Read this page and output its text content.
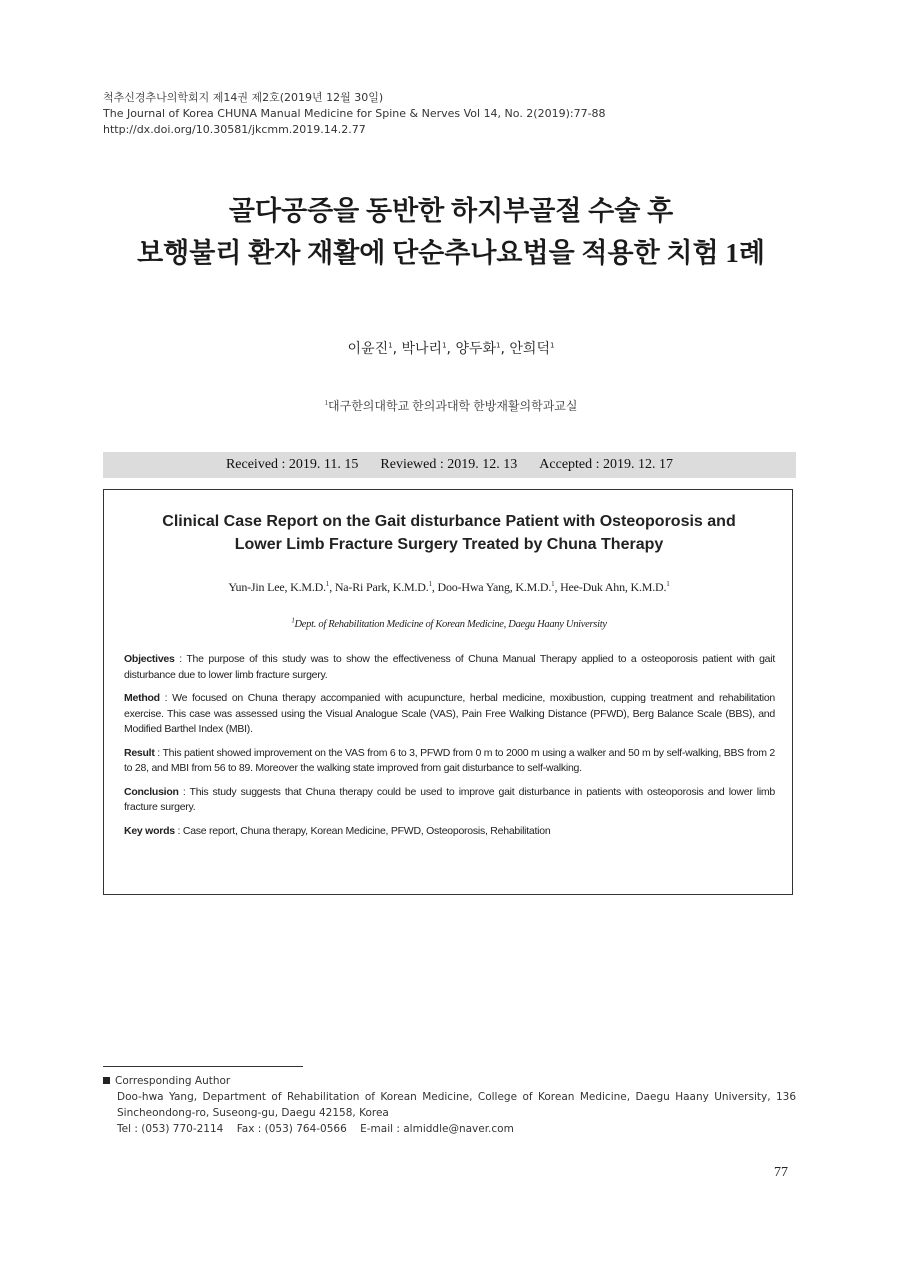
척추신경추나의학회지 제14권 제2호(2019년 12월 30일)
The Journal of Korea CHUNA Manual Medicine for Spine & Nerves Vol 14, No. 2(2019):77-88
http://dx.doi.org/10.30581/jkcmm.2019.14.2.77
골다공증을 동반한 하지부골절 수술 후
보행불리 환자 재활에 단순추나요법을 적용한 치험 1례
이윤진$^1$, 박나리$^1$, 양두화$^1$, 안희덕$^1$
$^1$대구한의대학교 한의과대학 한방재활의학과교실
Received : 2019. 11. 15 Reviewed : 2019. 12. 13 Accepted : 2019. 12. 17
Clinical Case Report on the Gait disturbance Patient with Osteoporosis and
Lower Limb Fracture Surgery Treated by Chuna Therapy
Yun-Jin Lee, K.M.D.$^1$, Na-Ri Park, K.M.D.$^1$, Doo-Hwa Yang, K.M.D.$^1$, Hee-Duk Ahn, K.M.D.$^1$
$^1$Dept. of Rehabilitation Medicine of Korean Medicine, Daegu Haany University

Objectives : The purpose of this study was to show the effectiveness of Chuna Manual Therapy applied to a osteoporosis patient with gait disturbance due to lower limb fracture surgery.

Method : We focused on Chuna therapy accompanied with acupuncture, herbal medicine, moxibustion, cupping treatment and rehabilitation exercise. This case was assessed using the Visual Analogue Scale (VAS), Pain Free Walking Distance (PFWD), Berg Balance Scale (BBS), and Modified Barthel Index (MBI).

Result : This patient showed improvement on the VAS from 6 to 3, PFWD from 0 m to 2000 m using a walker and 50 m by self-walking, BBS from 2 to 28, and MBI from 56 to 89. Moreover the walking state improved from gait disturbance to self-walking.

Conclusion : This study suggests that Chuna therapy could be used to improve gait disturbance in patients with osteoporosis and lower limb fracture surgery.

Key words : Case report, Chuna therapy, Korean Medicine, PFWD, Osteoporosis, Rehabilitation

Corresponding Author
Doo-hwa Yang, Department of Rehabilitation of Korean Medicine, College of Korean Medicine, Daegu Haany University, 136 Sincheondong-ro, Suseong-gu, Daegu 42158, Korea
Tel : (053) 770-2114    Fax : (053) 764-0566    E-mail : almiddle@naver.com
77
